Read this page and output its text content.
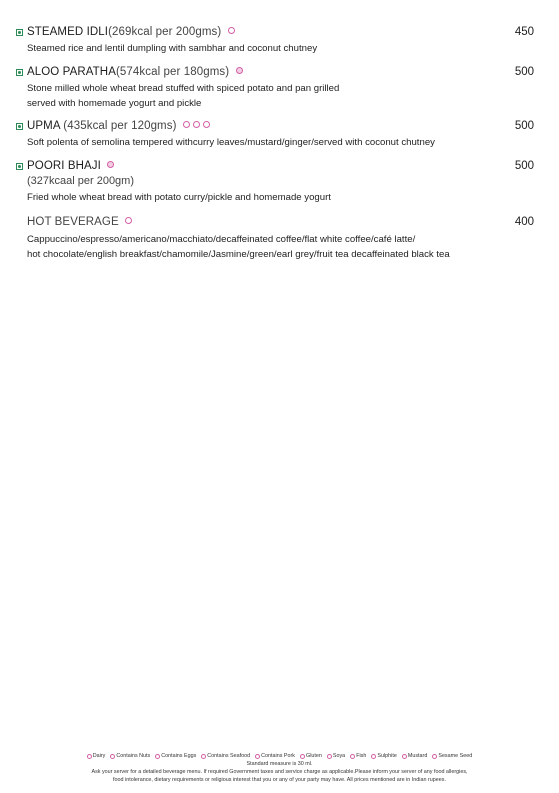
STEAMED IDLI(269kcal per 200gms)	450
Steamed rice and lentil dumpling with sambhar and coconut chutney
ALOO PARATHA(574kcal per 180gms)	500
Stone milled whole wheat bread stuffed with spiced potato and pan grilled
served with homemade yogurt and pickle
UPMA (435kcal per 120gms)	500
Soft polenta of semolina tempered withcurry leaves/mustard/ginger/served with coconut chutney
POORI BHAJI	500
(327kcaal per 200gm)
Fried whole wheat bread with potato curry/pickle and homemade yogurt
HOT BEVERAGE	400
Cappuccino/espresso/americano/macchiato/decaffeinated coffee/flat white coffee/café latte/
hot chocolate/english breakfast/chamomile/Jasmine/green/earl grey/fruit tea decaffeinated black tea
Dairy Contains Nuts Contains Eggs Contains Seafood Contains Pork Gluten Soya Fish Sulphite Mustard Sesame Seed
Standard measure is 30 ml.
Ask your server for a detailed beverage menu. If required Government taxes and service charge as applicable.Please inform your server of any food allergies,
food intolerance, dietary requirements or religious interest that you or any of your party may have. All prices mentioned are in Indian rupees.
